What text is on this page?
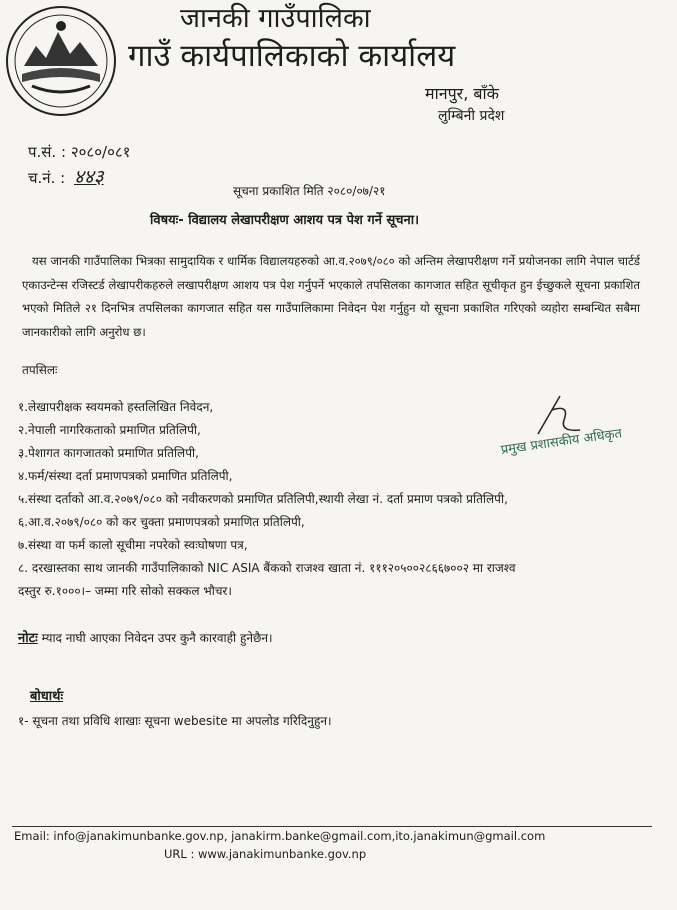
जानकी गाउँपालिका
गाउँ कार्यपालिकाको कार्यालय
मानपुर, बाँके
लुम्बिनी प्रदेश
प.सं. : २०८०/०८१
च.नं. : ४४३
सूचना प्रकाशित मिति २०८०/०७/२१
विषयः- विद्यालय लेखापरीक्षण आशय पत्र पेश गर्ने सूचना।
यस जानकी गाउँपालिका भित्रका सामुदायिक र धार्मिक विद्यालयहरुको आ.व.२०७९/०८० को अन्तिम लेखापरीक्षण गर्ने प्रयोजनका लागि नेपाल चार्टर्ड एकाउन्टेन्स रजिस्टर्ड लेखापरीकहरुले लखापरीक्षण आशय पत्र पेश गर्नुपर्ने भएकाले तपसिलका कागजात सहित सूचीकृत हुन ईच्छुकले सूचना प्रकाशित भएको मितिले २१ दिनभित्र तपसिलका कागजात सहित यस गाउँपालिकामा निवेदन पेश गर्नुहुन यो सूचना प्रकाशित गरिएको व्यहोरा सम्बन्धित सबैमा जानकारीको लागि अनुरोध छ।
तपसिलः
१.लेखापरीक्षक स्वयमको हस्तलिखित निवेदन,
२.नेपाली नागरिकताको प्रमाणित प्रतिलिपी,
३.पेशागत कागजातको प्रमाणित प्रतिलिपी,
४.फर्म/संस्था दर्ता प्रमाणपत्रको प्रमाणित प्रतिलिपी,
५.संस्था दर्ताको आ.व.२०७९/०८० को नवीकरणको प्रमाणित प्रतिलिपी,स्थायी लेखा नं. दर्ता प्रमाण पत्रको प्रतिलिपी,
६.आ.व.२०७९/०८० को कर चुक्ता प्रमाणपत्रको प्रमाणित प्रतिलिपी,
७.संस्था वा फर्म कालो सूचीमा नपरेको स्वःघोषणा पत्र,
८. दरखास्तका साथ जानकी गाउँपालिकाको NIC ASIA बैंकको राजश्व खाता नं. १११२०५००२८६६७००२ मा राजश्व
दस्तुर रु.१०००।– जम्मा गरि सोको सक्कल भौचर।
नोटः म्याद नाघी आएका निवेदन उपर कुनै कारवाही हुनेछैन।
प्रमुख प्रशासकीय अधिकृत
बोधार्थः
१- सूचना तथा प्रविधि शाखाः सूचना webesite मा अपलोड गरिदिनुहुन।
Email: info@janakimunbanke.gov.np, janakirm.banke@gmail.com,ito.janakimun@gmail.com
URL : www.janakimunbanke.gov.np
